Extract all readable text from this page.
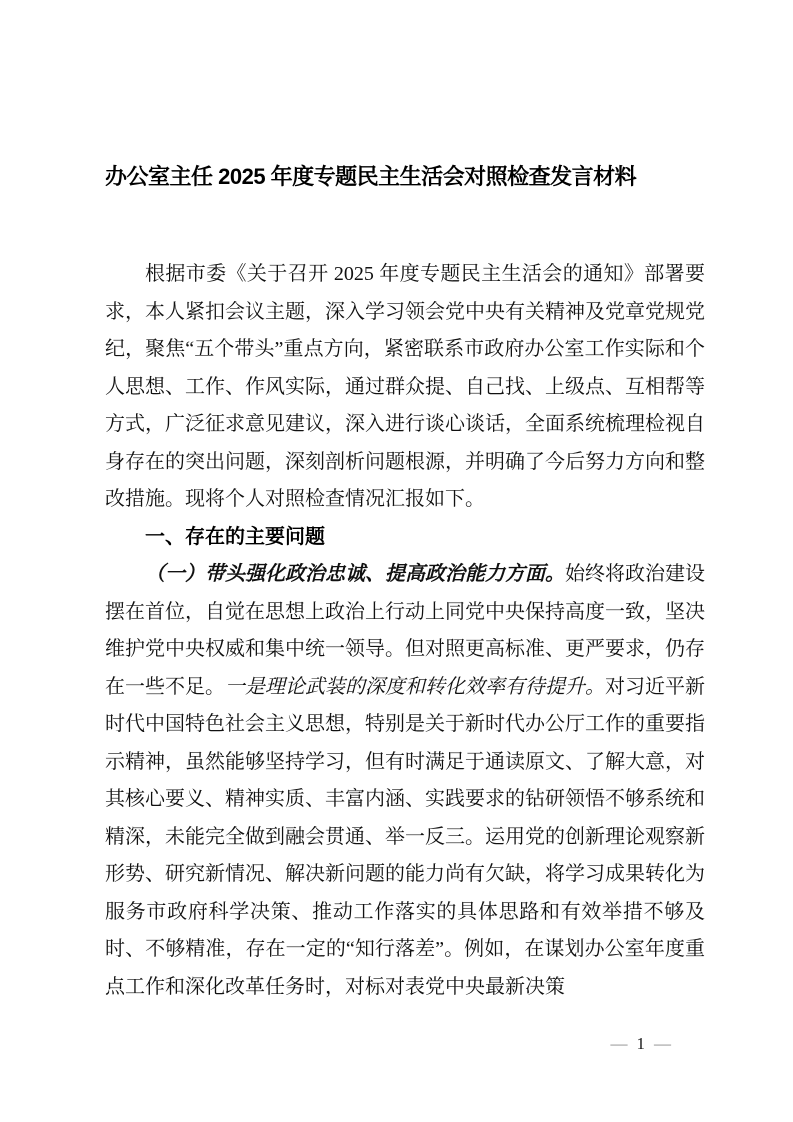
办公室主任 2025 年度专题民主生活会对照检查发言材料

根据市委《关于召开 2025 年度专题民主生活会的通知》部署要求，本人紧扣会议主题，深入学习领会党中央有关精神及党章党规党纪，聚焦“五个带头”重点方向，紧密联系市政府办公室工作实际和个人思想、工作、作风实际，通过群众提、自己找、上级点、互相帮等方式，广泛征求意见建议，深入进行谈心谈话，全面系统梳理检视自身存在的突出问题，深刻剖析问题根源，并明确了今后努力方向和整改措施。现将个人对照检查情况汇报如下。

一、存在的主要问题

（一）带头强化政治忠诚、提高政治能力方面。始终将政治建设摆在首位，自觉在思想上政治上行动上同党中央保持高度一致，坚决维护党中央权威和集中统一领导。但对照更高标准、更严要求，仍存在一些不足。一是理论武装的深度和转化效率有待提升。对习近平新时代中国特色社会主义思想，特别是关于新时代办公厅工作的重要指示精神，虽然能够坚持学习，但有时满足于通读原文、了解大意，对其核心要义、精神实质、丰富内涵、实践要求的钻研领悟不够系统和精深，未能完全做到融会贯通、举一反三。运用党的创新理论观察新形势、研究新情况、解决新问题的能力尚有欠缺，将学习成果转化为服务市政府科学决策、推动工作落实的具体思路和有效举措不够及时、不够精准，存在一定的“知行落差”。例如，在谋划办公室年度重点工作和深化改革任务时，对标对表党中央最新决策

— 1 —
